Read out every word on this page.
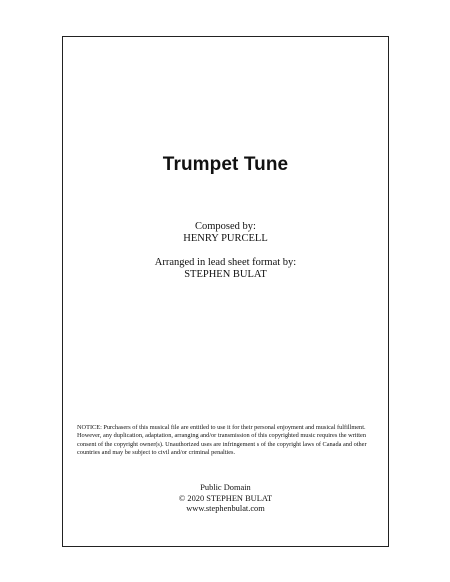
Trumpet Tune
Composed by:
HENRY PURCELL
Arranged in lead sheet format by:
STEPHEN BULAT
NOTICE: Purchasers of this musical file are entitled to use it for their personal enjoyment and musical fulfillment. However, any duplication, adaptation, arranging and/or transmission of this copyrighted music requires the written consent of the copyright owner(s). Unauthorized uses are infringement s of the copyright laws of Canada and other countries and may be subject to civil and/or criminal penalties.
Public Domain
© 2020 STEPHEN BULAT
www.stephenbulat.com
